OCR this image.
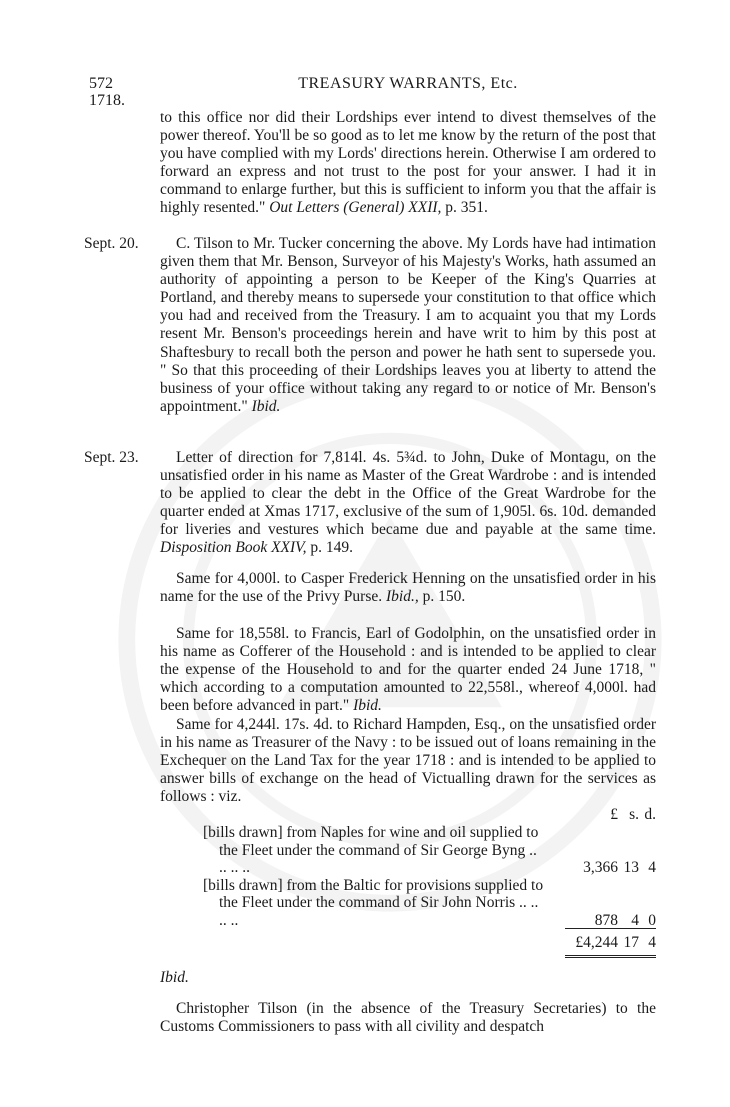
572
1718.
TREASURY WARRANTS, Etc.
to this office nor did their Lordships ever intend to divest themselves of the power thereof. You'll be so good as to let me know by the return of the post that you have complied with my Lords' directions herein. Otherwise I am ordered to forward an express and not trust to the post for your answer. I had it in command to enlarge further, but this is sufficient to inform you that the affair is highly resented." Out Letters (General) XXII, p. 351.
Sept. 20.	C. Tilson to Mr. Tucker concerning the above. My Lords have had intimation given them that Mr. Benson, Surveyor of his Majesty's Works, hath assumed an authority of appointing a person to be Keeper of the King's Quarries at Portland, and thereby means to supersede your constitution to that office which you had and received from the Treasury. I am to acquaint you that my Lords resent Mr. Benson's proceedings herein and have writ to him by this post at Shaftesbury to recall both the person and power he hath sent to supersede you. " So that this proceeding of their Lordships leaves you at liberty to attend the business of your office without taking any regard to or notice of Mr. Benson's appointment." Ibid.
Sept. 23.	Letter of direction for 7,814l. 4s. 5¾d. to John, Duke of Montagu, on the unsatisfied order in his name as Master of the Great Wardrobe : and is intended to be applied to clear the debt in the Office of the Great Wardrobe for the quarter ended at Xmas 1717, exclusive of the sum of 1,905l. 6s. 10d. demanded for liveries and vestures which became due and payable at the same time. Disposition Book XXIV, p. 149.
Same for 4,000l. to Casper Frederick Henning on the unsatisfied order in his name for the use of the Privy Purse. Ibid., p. 150.
Same for 18,558l. to Francis, Earl of Godolphin, on the unsatisfied order in his name as Cofferer of the Household : and is intended to be applied to clear the expense of the Household to and for the quarter ended 24 June 1718, " which according to a computation amounted to 22,558l., whereof 4,000l. had been before advanced in part." Ibid.
Same for 4,244l. 17s. 4d. to Richard Hampden, Esq., on the unsatisfied order in his name as Treasurer of the Navy : to be issued out of loans remaining in the Exchequer on the Land Tax for the year 1718 : and is intended to be applied to answer bills of exchange on the head of Victualling drawn for the services as follows : viz.
£ s. d.
[bills drawn] from Naples for wine and oil supplied to the Fleet under the command of Sir George Byng .. .. .. ..	3,366 13 4
[bills drawn] from the Baltic for provisions supplied to the Fleet under the command of Sir John Norris .. .. .. ..	878 4 0
£4,244 17 4
Ibid.
Christopher Tilson (in the absence of the Treasury Secretaries) to the Customs Commissioners to pass with all civility and despatch
